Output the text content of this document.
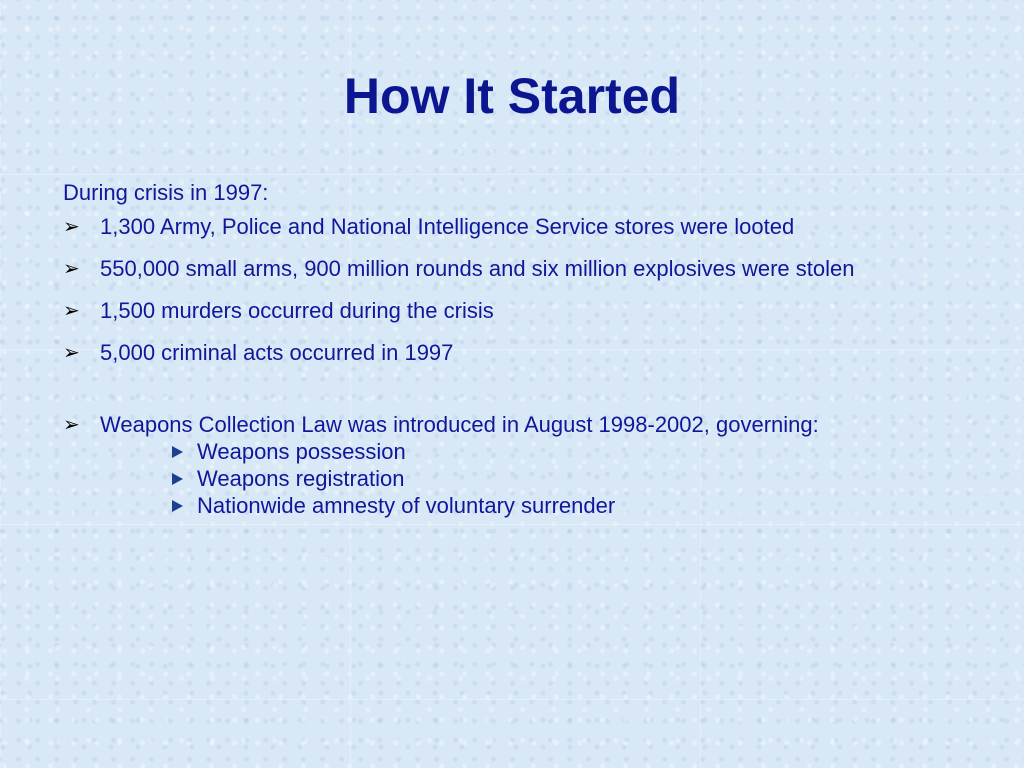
How It Started

During crisis in 1997:

➢ 1,300 Army, Police and National Intelligence Service stores were looted
➢ 550,000 small arms, 900 million rounds and six million explosives were stolen
➢ 1,500 murders occurred during the crisis
➢ 5,000 criminal acts occurred in 1997
➢ Weapons Collection Law was introduced in August 1998-2002, governing:
Weapons possession
Weapons registration
Nationwide amnesty of voluntary surrender
